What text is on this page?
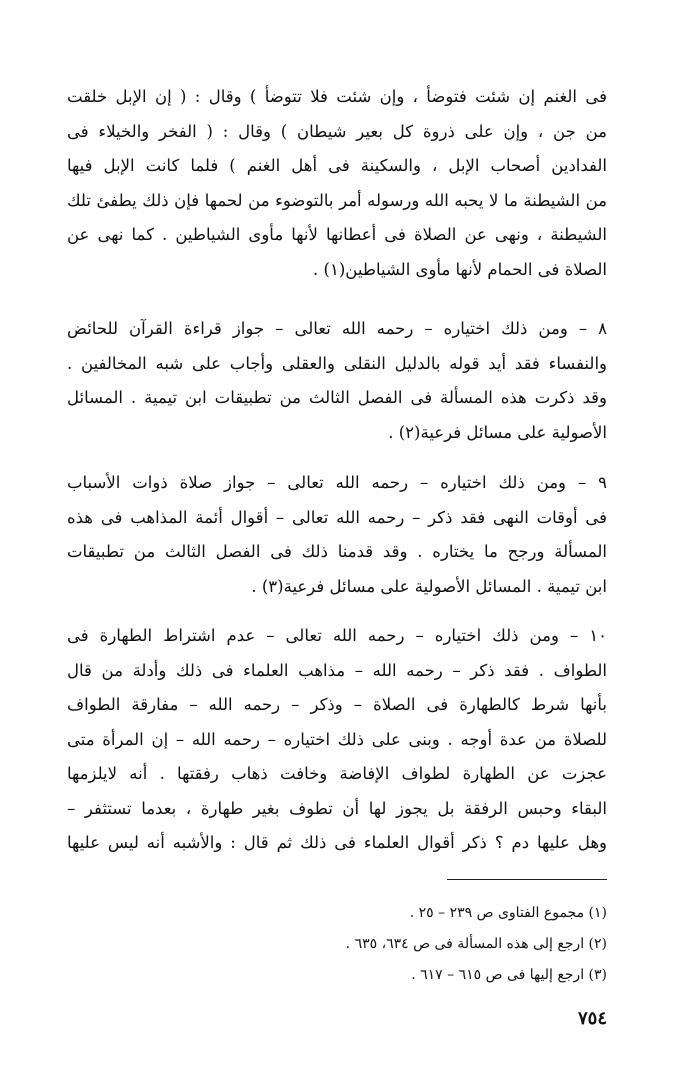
فى الغنم إن شئت فتوضأ ، وإن شئت فلا تتوضأ ) وقال : ( إن الإبل خلقت
من جن ، وإن على ذروة كل بعير شيطان ) وقال : ( الفخر والخيلاء فى
الفدادين أصحاب الإبل ، والسكينة فى أهل الغنم ) فلما كانت الإبل فيها
من الشيطنة ما لا يحبه الله ورسوله أمر بالتوضوء من لحمها فإن ذلك يطفئ تلك
الشيطنة ، ونهى عن الصلاة فى أعطانها لأنها مأوى الشياطين . كما نهى عن
الصلاة فى الحمام لأنها مأوى الشياطين(١) .
٨ – ومن ذلك اختياره – رحمه الله تعالى – جواز قراءة القرآن للحائض
والنفساء فقد أيد قوله بالدليل النقلى والعقلى وأجاب على شبه المخالفين .
وقد ذكرت هذه المسألة فى الفصل الثالث من تطبيقات ابن تيمية . المسائل
الأصولية على مسائل فرعية(٢) .
٩ – ومن ذلك اختياره – رحمه الله تعالى – جواز صلاة ذوات الأسباب
فى أوقات النهى فقد ذكر – رحمه الله تعالى – أقوال أئمة المذاهب فى هذه
المسألة ورجح ما يختاره . وقد قدمنا ذلك فى الفصل الثالث من تطبيقات
ابن تيمية . المسائل الأصولية على مسائل فرعية(٣) .
١٠ – ومن ذلك اختياره – رحمه الله تعالى – عدم اشتراط الطهارة فى
الطواف . فقد ذكر – رحمه الله – مذاهب العلماء فى ذلك وأدلة من قال
بأنها شرط كالطهارة فى الصلاة – وذكر – رحمه الله – مفارقة الطواف
للصلاة من عدة أوجه . وبنى على ذلك اختياره – رحمه الله – إن المرأة متى
عجزت عن الطهارة لطواف الإفاضة وخافت ذهاب رفقتها . أنه لايلزمها
البقاء وحبس الرفقة بل يجوز لها أن تطوف بغير طهارة ، بعدما تستثفر –
وهل عليها دم ؟ ذكر أقوال العلماء فى ذلك ثم قال : والأشبه أنه ليس عليها
(١) مجموع الفتاوى ص ٢٣٩ – ٢٥ .
(٢) ارجع إلى هذه المسألة فى ص ٦٣٤، ٦٣٥ .
(٣) ارجع إليها فى ص ٦١٥ – ٦١٧ .
٧٥٤
